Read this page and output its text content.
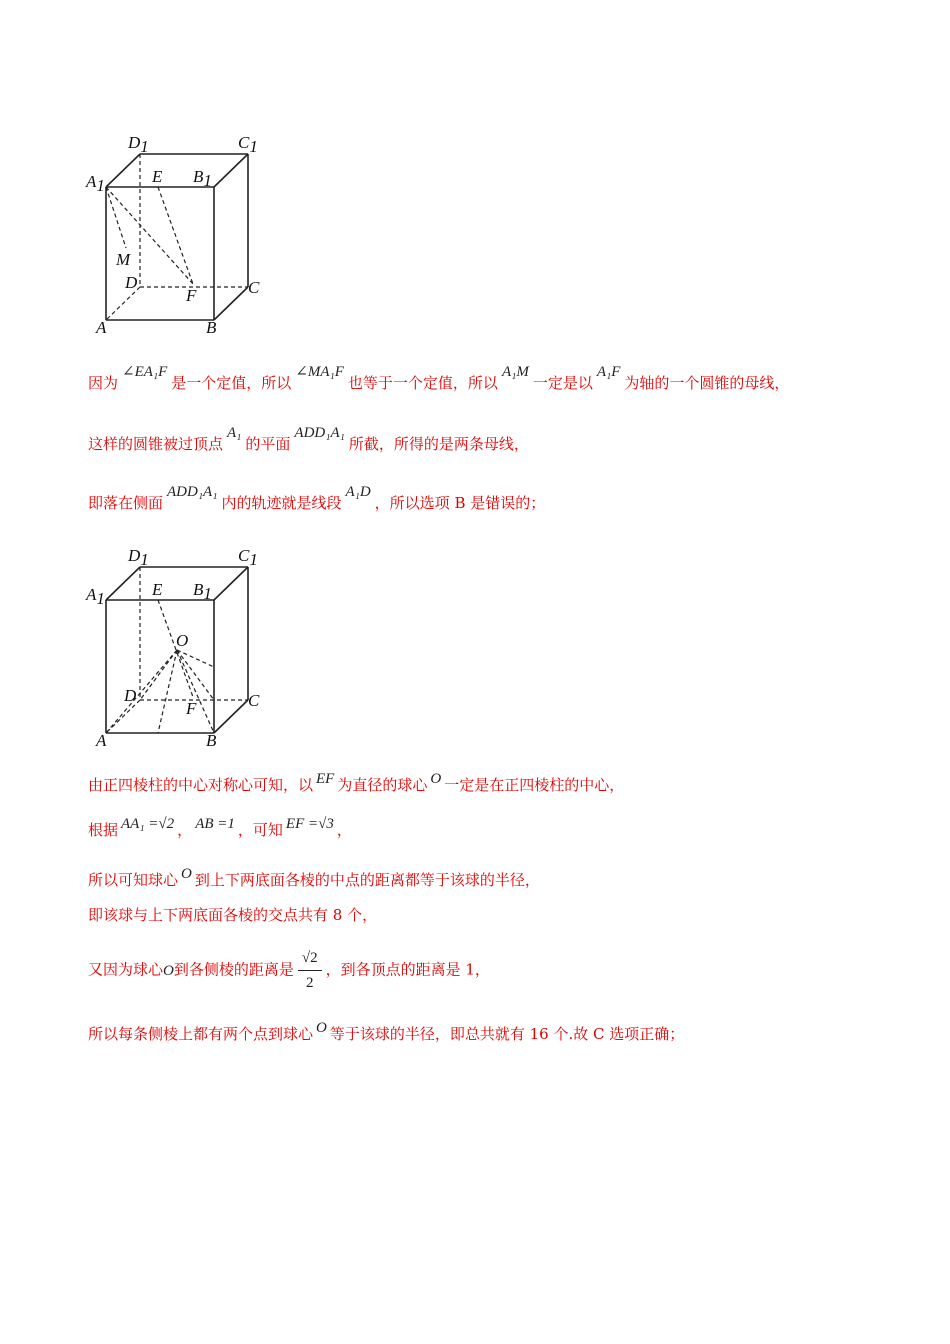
D1	C1
A1	E B1
M
D
F	C
A	B
因为∠EA₁F是一个定值，所以∠MA₁F也等于一个定值，所以A₁M一定是以A₁F为轴的一个圆锥的母线，
这样的圆锥被过顶点A₁的平面ADD₁A₁所截，所得的是两条母线，
即落在侧面ADD₁A₁内的轨迹就是线段A₁D，所以选项 B 是错误的；
D1	C1
A1	E B1
O
D
F	C
A	B
由正四棱柱的中心对称心可知，以 EF 为直径的球心 O 一定是在正四棱柱的中心，
根据 AA₁ =√2 ， AB =1 ，可知 EF =√3 ，
所以可知球心 O 到上下两底面各棱的中点的距离都等于该球的半径，
即该球与上下两底面各棱的交点共有 8 个，
又因为球心O到各侧棱的距离是 $\frac{√2}{2}$ ，到各顶点的距离是 1，
所以每条侧棱上都有两个点到球心 O 等于该球的半径，即总共就有 16 个.故 C 选项正确；
